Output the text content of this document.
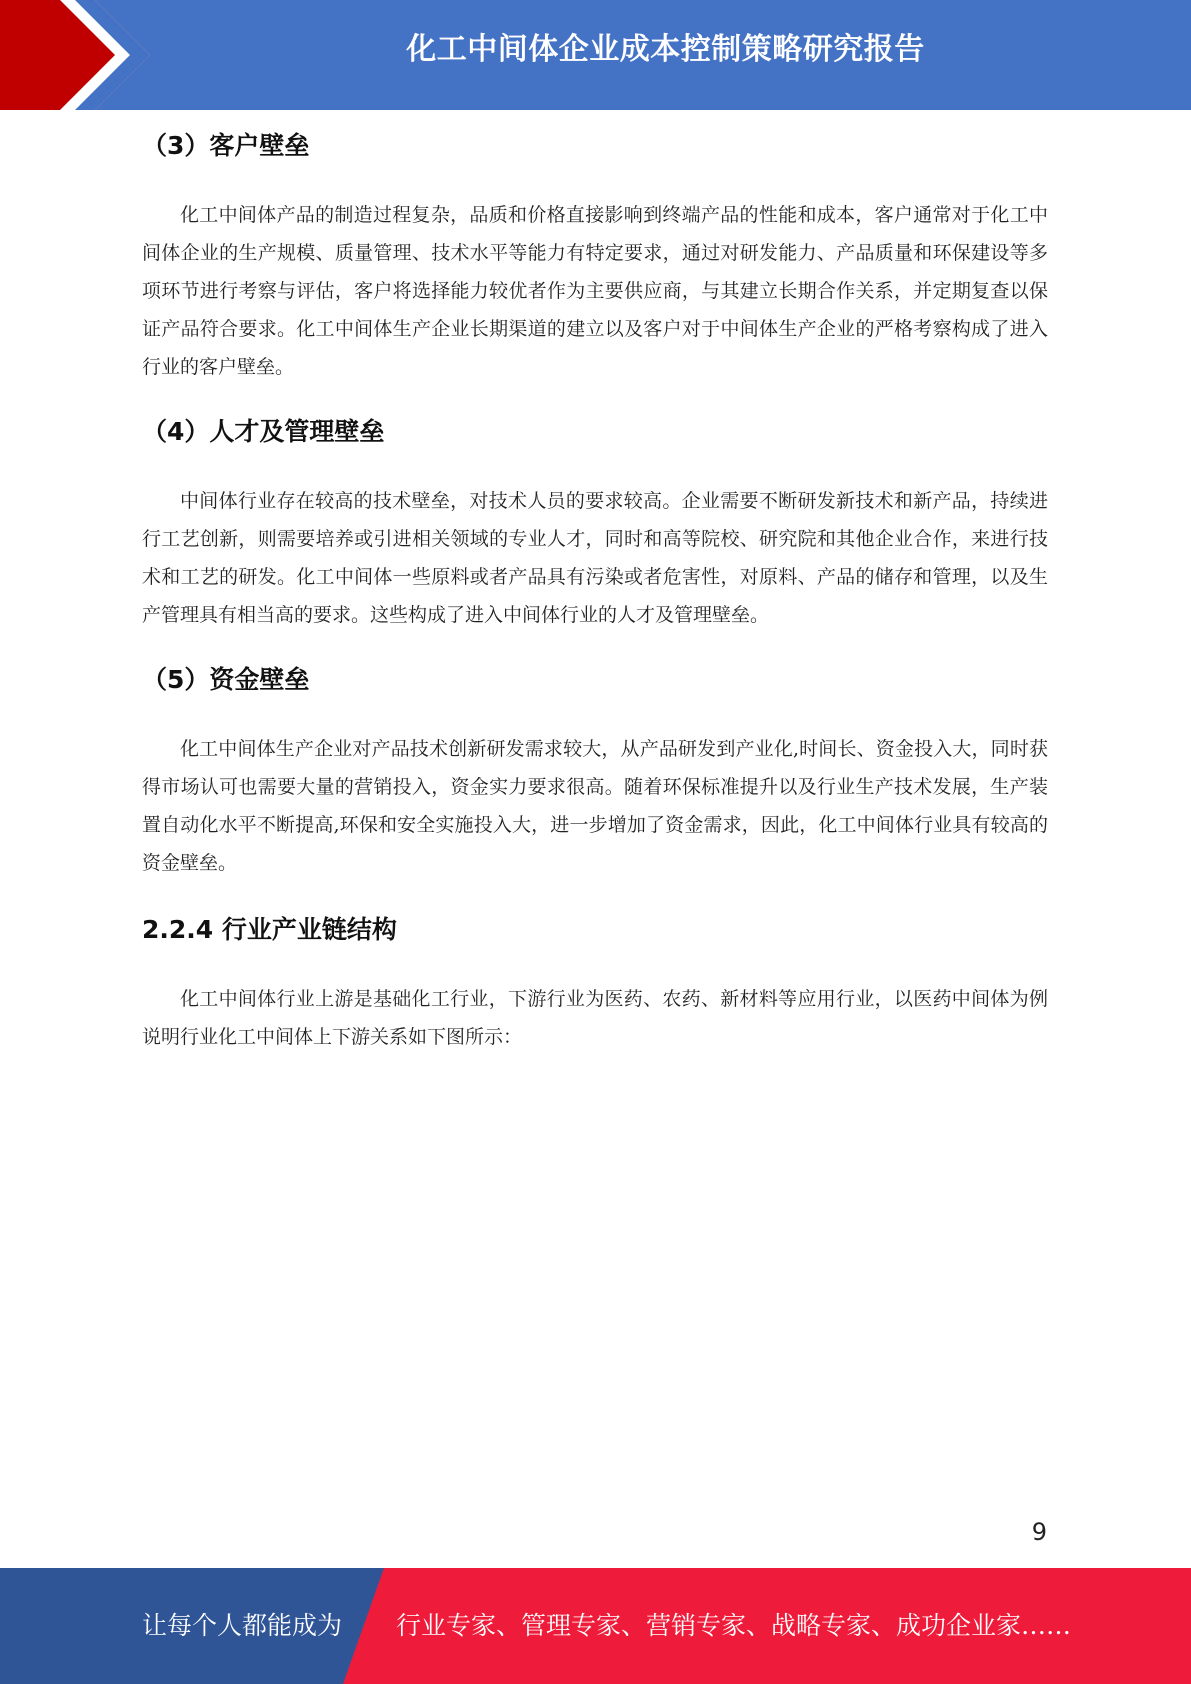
化工中间体企业成本控制策略研究报告
（3）客户壁垒

化工中间体产品的制造过程复杂，品质和价格直接影响到终端产品的性能和成本，客户通常对于化工中间体企业的生产规模、质量管理、技术水平等能力有特定要求，通过对研发能力、产品质量和环保建设等多项环节进行考察与评估，客户将选择能力较优者作为主要供应商，与其建立长期合作关系，并定期复查以保证产品符合要求。化工中间体生产企业长期渠道的建立以及客户对于中间体生产企业的严格考察构成了进入行业的客户壁垒。

（4）人才及管理壁垒

中间体行业存在较高的技术壁垒，对技术人员的要求较高。企业需要不断研发新技术和新产品，持续进行工艺创新，则需要培养或引进相关领域的专业人才，同时和高等院校、研究院和其他企业合作，来进行技术和工艺的研发。化工中间体一些原料或者产品具有污染或者危害性，对原料、产品的储存和管理，以及生产管理具有相当高的要求。这些构成了进入中间体行业的人才及管理壁垒。

（5）资金壁垒

化工中间体生产企业对产品技术创新研发需求较大，从产品研发到产业化,时间长、资金投入大，同时获得市场认可也需要大量的营销投入，资金实力要求很高。随着环保标准提升以及行业生产技术发展，生产装置自动化水平不断提高,环保和安全实施投入大，进一步增加了资金需求，因此，化工中间体行业具有较高的资金壁垒。

2.2.4 行业产业链结构

化工中间体行业上游是基础化工行业，下游行业为医药、农药、新材料等应用行业，以医药中间体为例说明行业化工中间体上下游关系如下图所示：

9
让每个人都能成为 行业专家、管理专家、营销专家、战略专家、成功企业家……
